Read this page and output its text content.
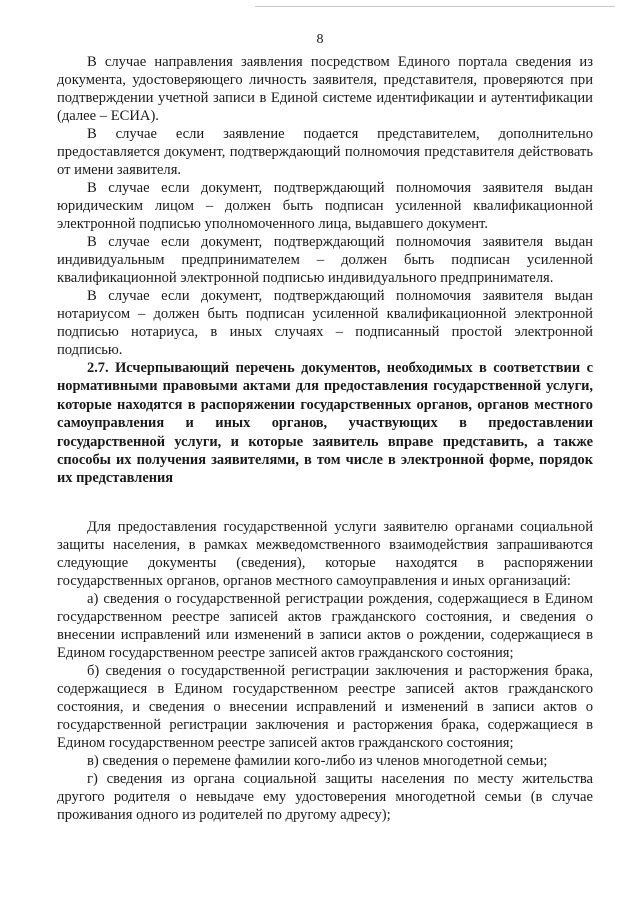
8

В случае направления заявления посредством Единого портала сведения из документа, удостоверяющего личность заявителя, представителя, проверяются при подтверждении учетной записи в Единой системе идентификации и аутентификации (далее – ЕСИА).

В случае если заявление подается представителем, дополнительно предоставляется документ, подтверждающий полномочия представителя действовать от имени заявителя.

В случае если документ, подтверждающий полномочия заявителя выдан юридическим лицом – должен быть подписан усиленной квалификационной электронной подписью уполномоченного лица, выдавшего документ.

В случае если документ, подтверждающий полномочия заявителя выдан индивидуальным предпринимателем – должен быть подписан усиленной квалификационной электронной подписью индивидуального предпринимателя.

В случае если документ, подтверждающий полномочия заявителя выдан нотариусом – должен быть подписан усиленной квалификационной электронной подписью нотариуса, в иных случаях – подписанный простой электронной подписью.

2.7. Исчерпывающий перечень документов, необходимых в соответствии с нормативными правовыми актами для предоставления государственной услуги, которые находятся в распоряжении государственных органов, органов местного самоуправления и иных органов, участвующих в предоставлении государственной услуги, и которые заявитель вправе представить, а также способы их получения заявителями, в том числе в электронной форме, порядок их представления

Для предоставления государственной услуги заявителю органами социальной защиты населения, в рамках межведомственного взаимодействия запрашиваются следующие документы (сведения), которые находятся в распоряжении государственных органов, органов местного самоуправления и иных организаций:

а) сведения о государственной регистрации рождения, содержащиеся в Едином государственном реестре записей актов гражданского состояния, и сведения о внесении исправлений или изменений в записи актов о рождении, содержащиеся в Едином государственном реестре записей актов гражданского состояния;

б) сведения о государственной регистрации заключения и расторжения брака, содержащиеся в Едином государственном реестре записей актов гражданского состояния, и сведения о внесении исправлений и изменений в записи актов о государственной регистрации заключения и расторжения брака, содержащиеся в Едином государственном реестре записей актов гражданского состояния;

в) сведения о перемене фамилии кого-либо из членов многодетной семьи;

г) сведения из органа социальной защиты населения по месту жительства другого родителя о невыдаче ему удостоверения многодетной семьи (в случае проживания одного из родителей по другому адресу);
